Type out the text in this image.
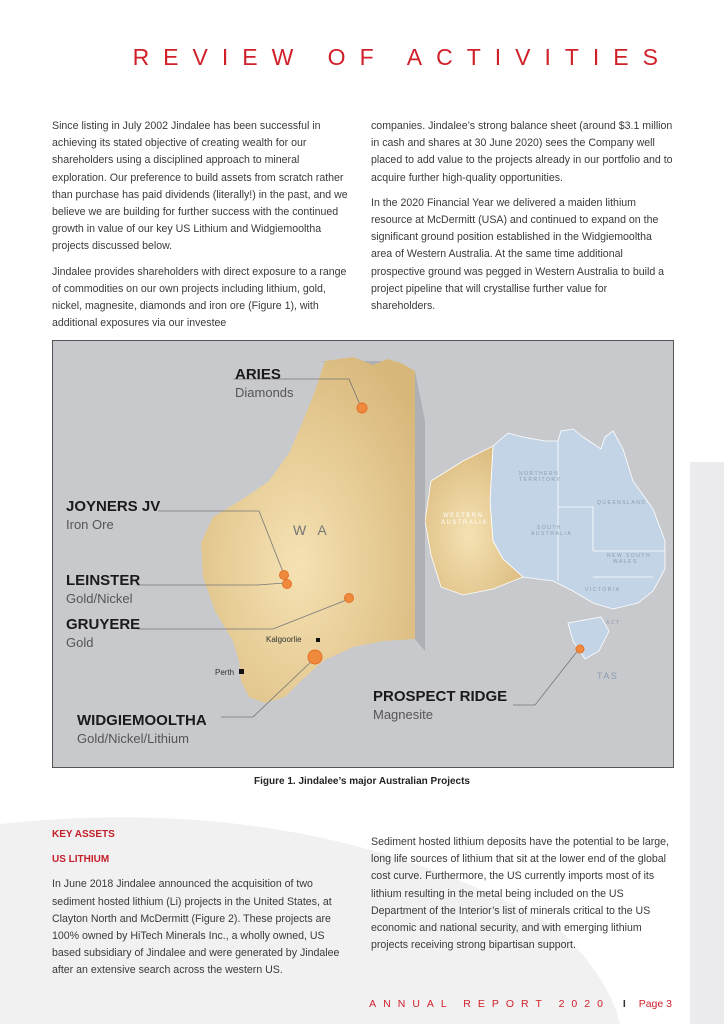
REVIEW OF ACTIVITIES

Since listing in July 2002 Jindalee has been successful in achieving its stated objective of creating wealth for our shareholders using a disciplined approach to mineral exploration. Our preference to build assets from scratch rather than purchase has paid dividends (literally!) in the past, and we believe we are building for further success with the continued growth in value of our key US Lithium and Widgiemooltha projects discussed below.

Jindalee provides shareholders with direct exposure to a range of commodities on our own projects including lithium, gold, nickel, magnesite, diamonds and iron ore (Figure 1), with additional exposures via our investee

companies. Jindalee’s strong balance sheet (around $3.1 million in cash and shares at 30 June 2020) sees the Company well placed to add value to the projects already in our portfolio and to acquire further high-quality opportunities.

In the 2020 Financial Year we delivered a maiden lithium resource at McDermitt (USA) and continued to expand on the significant ground position established in the Widgiemooltha area of Western Australia. At the same time additional prospective ground was pegged in Western Australia to build a project pipeline that will crystallise further value for shareholders.

ARIES
Diamonds
JOYNERS JV
Iron Ore
LEINSTER
Gold/Nickel
GRUYERE
Gold
WIDGIEMOOLTHA
Gold/Nickel/Lithium
PROSPECT RIDGE
Magnesite
W A
Kalgoorlie
Perth
WESTERN
AUSTRALIA
NORTHERN
TERRITORY
QUEENSLAND
SOUTH
AUSTRALIA
NEW SOUTH
WALES
VICTORIA
ACT
TAS
Figure 1. Jindalee’s major Australian Projects

KEY ASSETS

US LITHIUM

In June 2018 Jindalee announced the acquisition of two sediment hosted lithium (Li) projects in the United States, at Clayton North and McDermitt (Figure 2). These projects are 100% owned by HiTech Minerals Inc., a wholly owned, US based subsidiary of Jindalee and were generated by Jindalee after an extensive search across the western US.

Sediment hosted lithium deposits have the potential to be large, long life sources of lithium that sit at the lower end of the global cost curve. Furthermore, the US currently imports most of its lithium resulting in the metal being included on the US Department of the Interior’s list of minerals critical to the US economic and national security, and with emerging lithium projects receiving strong bipartisan support.

ANNUAL REPORT 2020 I Page 3
